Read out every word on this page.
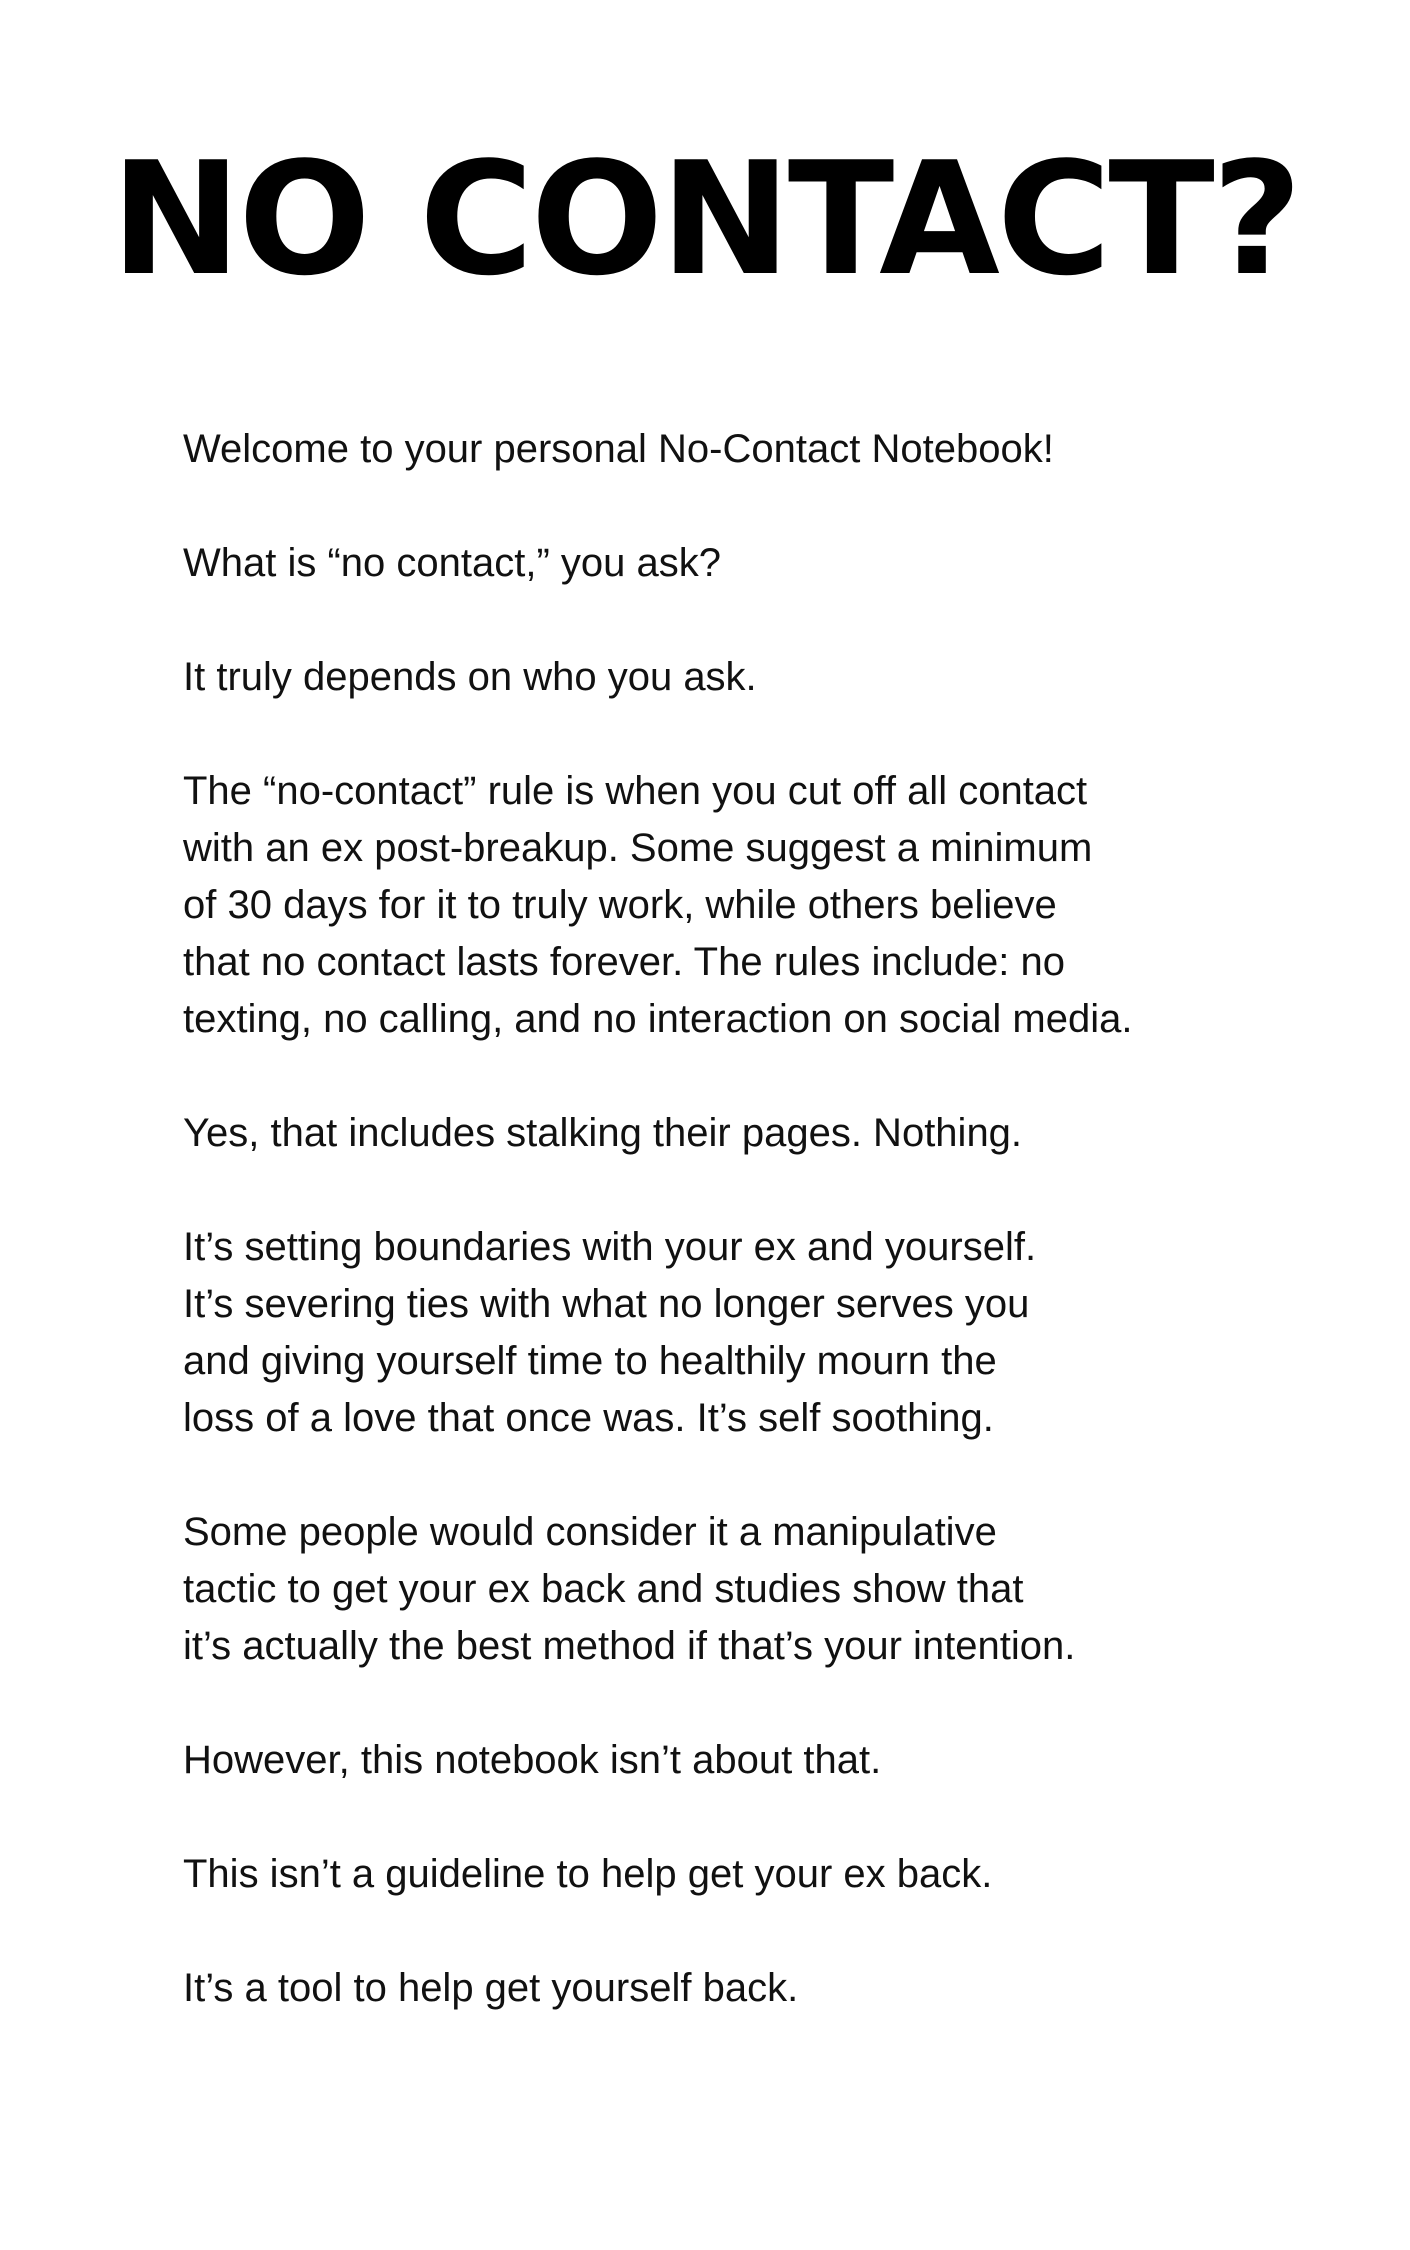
NO CONTACT?

Welcome to your personal No-Contact Notebook!

What is “no contact,” you ask?

It truly depends on who you ask.

The “no-contact” rule is when you cut off all contact
with an ex post-breakup. Some suggest a minimum
of 30 days for it to truly work, while others believe
that no contact lasts forever. The rules include: no
texting, no calling, and no interaction on social media.

Yes, that includes stalking their pages. Nothing.

It’s setting boundaries with your ex and yourself.
It’s severing ties with what no longer serves you
and giving yourself time to healthily mourn the
loss of a love that once was. It’s self soothing.

Some people would consider it a manipulative
tactic to get your ex back and studies show that
it’s actually the best method if that’s your intention.

However, this notebook isn’t about that.

This isn’t a guideline to help get your ex back.

It’s a tool to help get yourself back.
